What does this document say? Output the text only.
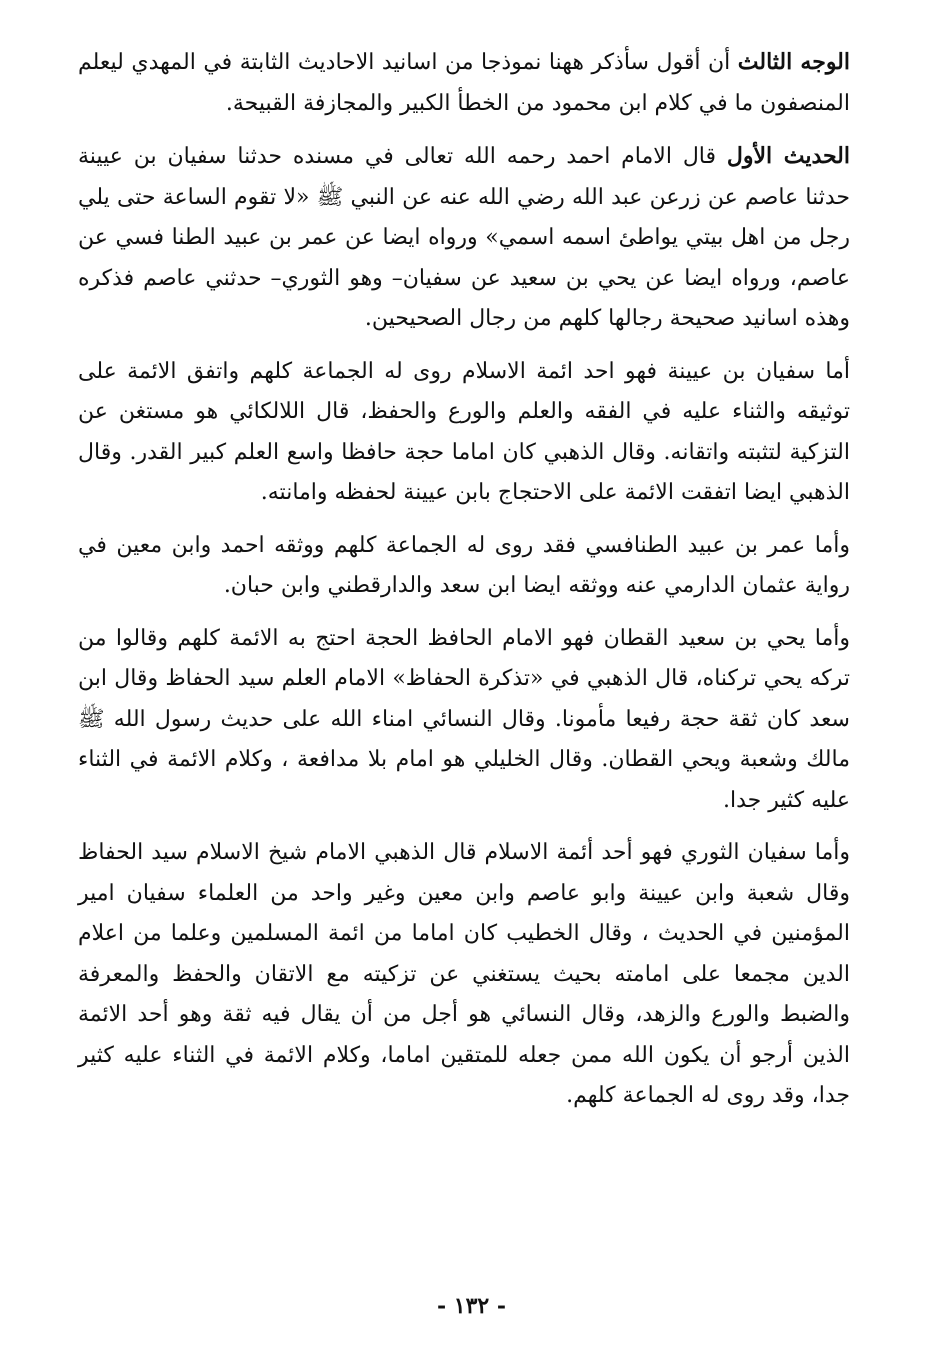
الوجه الثالث أن أقول سأذكر ههنا نموذجا من اسانيد الاحاديث الثابتة في المهدي ليعلم المنصفون ما في كلام ابن محمود من الخطأ الكبير والمجازفة القبيحة.

الحديث الأول قال الامام احمد رحمه الله تعالى في مسنده حدثنا سفيان بن عيينة حدثنا عاصم عن زرعن عبد الله رضي الله عنه عن النبي ﷺ «لا تقوم الساعة حتى يلي رجل من اهل بيتي يواطئ اسمه اسمي» ورواه ايضا عن عمر بن عبيد الطنا فسي عن عاصم، ورواه ايضا عن يحي بن سعيد عن سفيان– وهو الثوري– حدثني عاصم فذكره وهذه اسانيد صحيحة رجالها كلهم من رجال الصحيحين.

أما سفيان بن عيينة فهو احد ائمة الاسلام روى له الجماعة كلهم واتفق الائمة على توثيقه والثناء عليه في الفقه والعلم والورع والحفظ، قال اللالكائي هو مستغن عن التزكية لتثبته واتقانه. وقال الذهبي كان اماما حجة حافظا واسع العلم كبير القدر. وقال الذهبي ايضا اتفقت الائمة على الاحتجاج بابن عيينة لحفظه وامانته.

وأما عمر بن عبيد الطنافسي فقد روى له الجماعة كلهم ووثقه احمد وابن معين في رواية عثمان الدارمي عنه ووثقه ايضا ابن سعد والدارقطني وابن حبان.

وأما يحي بن سعيد القطان فهو الامام الحافظ الحجة احتج به الائمة كلهم وقالوا من تركه يحي تركناه، قال الذهبي في «تذكرة الحفاظ» الامام العلم سيد الحفاظ وقال ابن سعد كان ثقة حجة رفيعا مأمونا. وقال النسائي امناء الله على حديث رسول الله ﷺ مالك وشعبة ويحي القطان. وقال الخليلي هو امام بلا مدافعة ، وكلام الائمة في الثناء عليه كثير جدا.

وأما سفيان الثوري فهو أحد أئمة الاسلام قال الذهبي الامام شيخ الاسلام سيد الحفاظ وقال شعبة وابن عيينة وابو عاصم وابن معين وغير واحد من العلماء سفيان امير المؤمنين في الحديث ، وقال الخطيب كان اماما من ائمة المسلمين وعلما من اعلام الدين مجمعا على امامته بحيث يستغني عن تزكيته مع الاتقان والحفظ والمعرفة والضبط والورع والزهد، وقال النسائي هو أجل من أن يقال فيه ثقة وهو أحد الائمة الذين أرجو أن يكون الله ممن جعله للمتقين اماما، وكلام الائمة في الثناء عليه كثير جدا، وقد روى له الجماعة كلهم.

- ١٣٢ -
